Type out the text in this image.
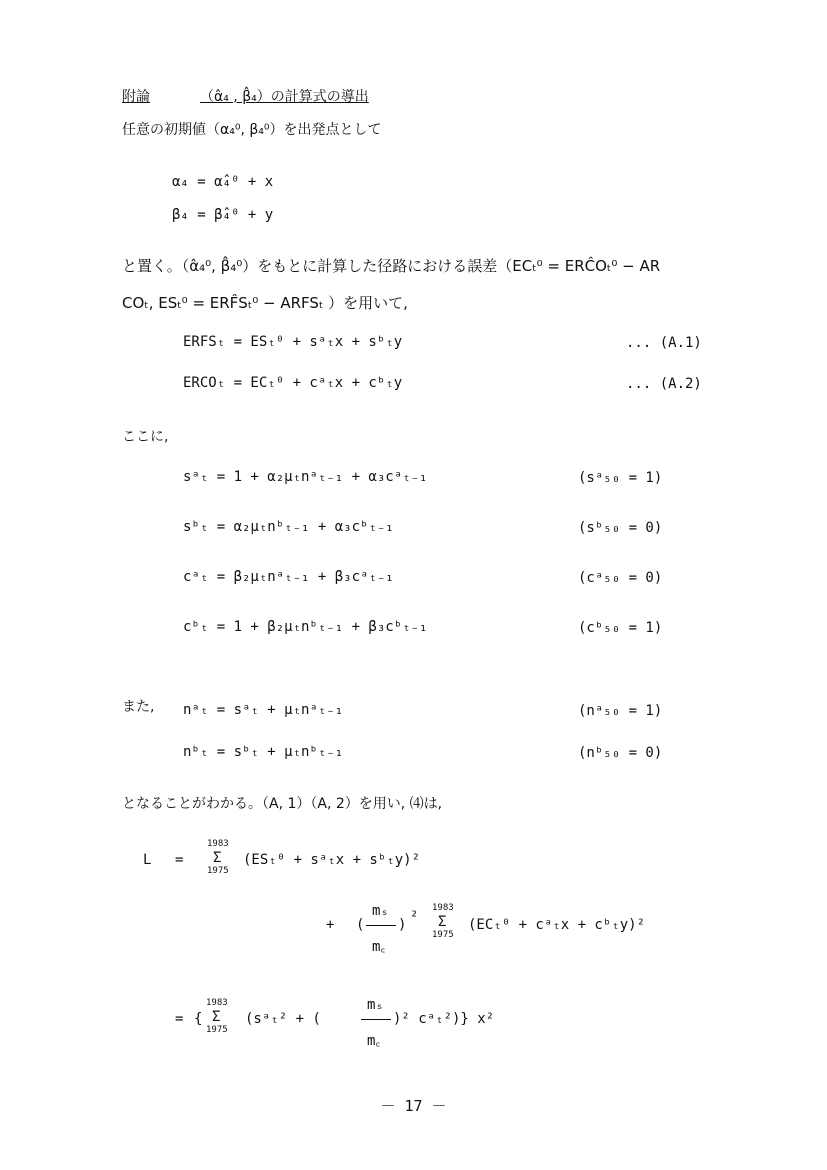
附論	（α̂₄ , β̂₄）の計算式の導出
任意の初期値（α₄⁰, β₄⁰）を出発点として
α₄ = α̂₄⁰ + x
β₄ = β̂₄⁰ + y
と置く。（α̂₄⁰, β̂₄⁰）をもとに計算した径路における誤差（ECₜ⁰ = ERĈOₜ⁰ − AR
COₜ, ESₜ⁰ = ERF̂Sₜ⁰ − ARFSₜ ）を用いて,
ERFSₜ = ESₜ⁰ + sᵃₜx + sᵇₜy	... (A.1)
ERCOₜ = ECₜ⁰ + cᵃₜx + cᵇₜy	... (A.2)
ここに,
sᵃₜ = 1 + α₂μₜnᵃₜ₋₁ + α₃cᵃₜ₋₁	(sᵃ₅₀ = 1)
sᵇₜ = α₂μₜnᵇₜ₋₁ + α₃cᵇₜ₋₁	(sᵇ₅₀ = 0)
cᵃₜ = β₂μₜnᵃₜ₋₁ + β₃cᵃₜ₋₁	(cᵃ₅₀ = 0)
cᵇₜ = 1 + β₂μₜnᵇₜ₋₁ + β₃cᵇₜ₋₁	(cᵇ₅₀ = 1)
また, nᵃₜ = sᵃₜ + μₜnᵃₜ₋₁	(nᵃ₅₀ = 1)
nᵇₜ = sᵇₜ + μₜnᵇₜ₋₁	(nᵇ₅₀ = 0)
となることがわかる。（A, 1）（A, 2）を用い, ⑷は,
L =
1983
Σ
1975
(ESₜ⁰ + sᵃₜx + sᵇₜy)²
+ (
mₛ
m꜀
) ²
1983
Σ
1975
(ECₜ⁰ + cᵃₜx + cᵇₜy)²
= {
1983
Σ
1975
(sᵃₜ² + (
mₛ
m꜀
)² cᵃₜ²)} x²
－ 17 －
